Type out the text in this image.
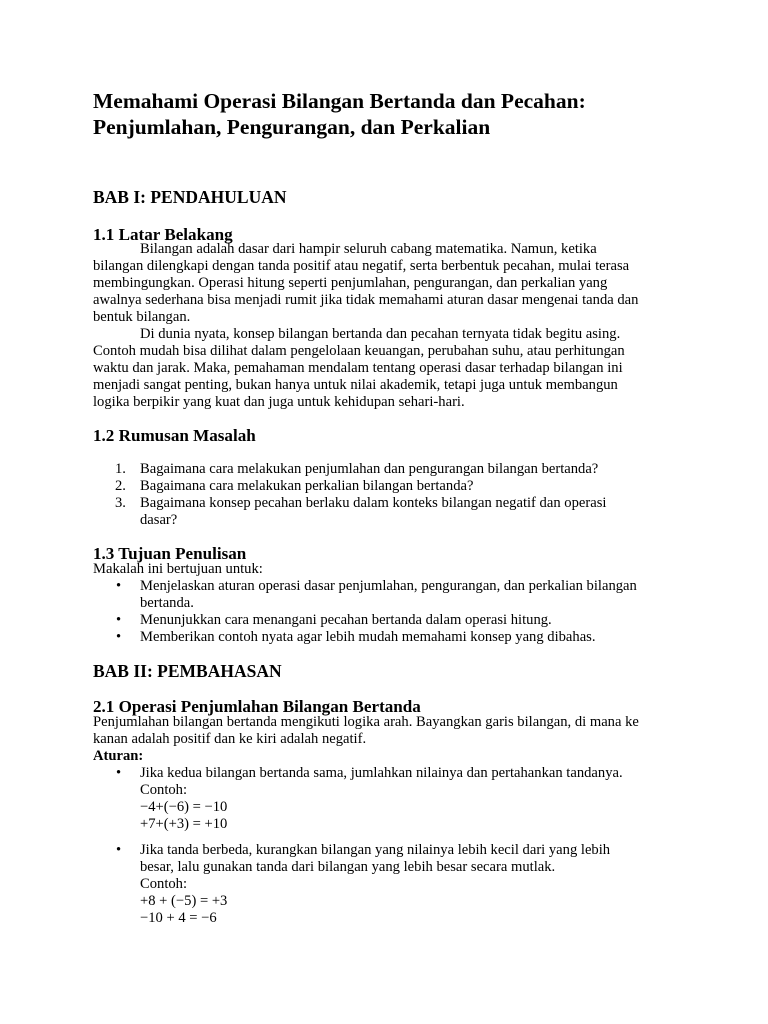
Memahami Operasi Bilangan Bertanda dan Pecahan:
Penjumlahan, Pengurangan, dan Perkalian
BAB I: PENDAHULUAN
1.1 Latar Belakang
Bilangan adalah dasar dari hampir seluruh cabang matematika. Namun, ketika
bilangan dilengkapi dengan tanda positif atau negatif, serta berbentuk pecahan, mulai terasa
membingungkan. Operasi hitung seperti penjumlahan, pengurangan, dan perkalian yang
awalnya sederhana bisa menjadi rumit jika tidak memahami aturan dasar mengenai tanda dan
bentuk bilangan.
Di dunia nyata, konsep bilangan bertanda dan pecahan ternyata tidak begitu asing.
Contoh mudah bisa dilihat dalam pengelolaan keuangan, perubahan suhu, atau perhitungan
waktu dan jarak. Maka, pemahaman mendalam tentang operasi dasar terhadap bilangan ini
menjadi sangat penting, bukan hanya untuk nilai akademik, tetapi juga untuk membangun
logika berpikir yang kuat dan juga untuk kehidupan sehari-hari.
1.2 Rumusan Masalah
1. Bagaimana cara melakukan penjumlahan dan pengurangan bilangan bertanda?
2. Bagaimana cara melakukan perkalian bilangan bertanda?
3. Bagaimana konsep pecahan berlaku dalam konteks bilangan negatif dan operasi
dasar?
1.3 Tujuan Penulisan
Makalah ini bertujuan untuk:
• Menjelaskan aturan operasi dasar penjumlahan, pengurangan, dan perkalian bilangan
bertanda.
• Menunjukkan cara menangani pecahan bertanda dalam operasi hitung.
• Memberikan contoh nyata agar lebih mudah memahami konsep yang dibahas.
BAB II: PEMBAHASAN
2.1 Operasi Penjumlahan Bilangan Bertanda
Penjumlahan bilangan bertanda mengikuti logika arah. Bayangkan garis bilangan, di mana ke
kanan adalah positif dan ke kiri adalah negatif.
Aturan:
• Jika kedua bilangan bertanda sama, jumlahkan nilainya dan pertahankan tandanya.
Contoh:
−4+(−6) = −10
+7+(+3) = +10
• Jika tanda berbeda, kurangkan bilangan yang nilainya lebih kecil dari yang lebih
besar, lalu gunakan tanda dari bilangan yang lebih besar secara mutlak.
Contoh:
+8 + (−5) = +3
−10 + 4 = −6
